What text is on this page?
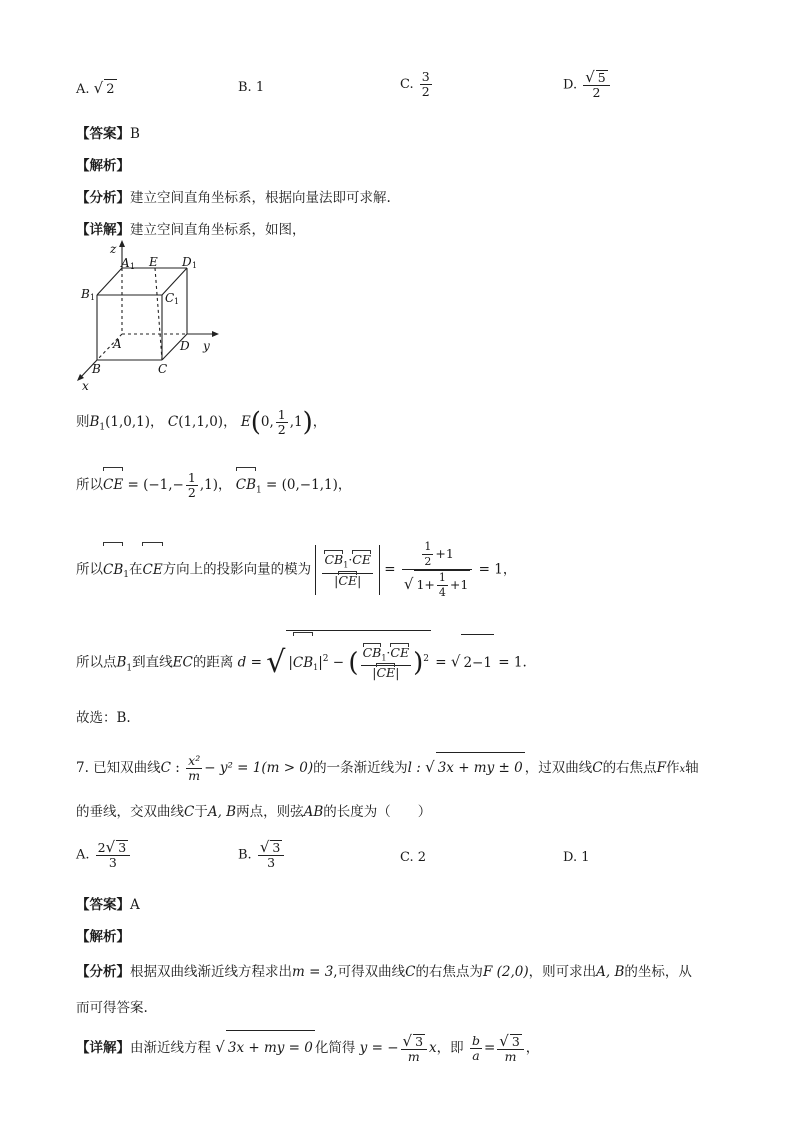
A. √ 2	B. 1	C. $\frac{3}{2}$	D. $\frac{√ 5}{2}$
【答案】B
【解析】
【分析】建立空间直角坐标系，根据向量法即可求解.
【详解】建立空间直角坐标系，如图，
z
A 1 E D 1
B 1	C 1
A	D y
B	C
x
则$B_1(1,0,1)$， C(1,1,0)， E(0, $\frac{1}{2} ,1$)，
所以CE = $(-1,- \frac{1}{2} ,1)$， $CB_1 = (0,-1,1)$，
所以$CB_1$在CE方向上的投影向量的模为 $\frac{CB_1\cdot CE}{|CE|} = \frac{\frac{1}{2} +1}{√ 1+ \frac{1}{4} +1} = 1$，
所以点$B_1$到直线EC的距离 d = √ $|CB_1|^2$ − ( $\frac{CB_1\cdot CE}{|CE|} )^2$ = √ 2−1 = 1.
故选：B.
7. 已知双曲线C : $\frac{\text{x²}}{m} - y^2 = 1(m > 0)$的一条渐近线为l : √ 3x + my ± 0 ，过双曲线C的右焦点F作x轴
的垂线，交双曲线C于A, B两点，则弦AB的长度为（　　）
A. $\frac{2√ 3}{3}$	B. $\frac{√ 3}{3}$	C. 2	D. 1
【答案】A
【解析】
【分析】根据双曲线渐近线方程求出m = 3,可得双曲线C的右焦点为F (2,0)，则可求出A, B的坐标，从
而可得答案.
【详解】由渐近线方程 √ 3x + my = 0 化简得 y = − $\frac{√ 3}{m}$ x，即 $\frac{b}{a} = \frac{√ 3}{m}$ ，
